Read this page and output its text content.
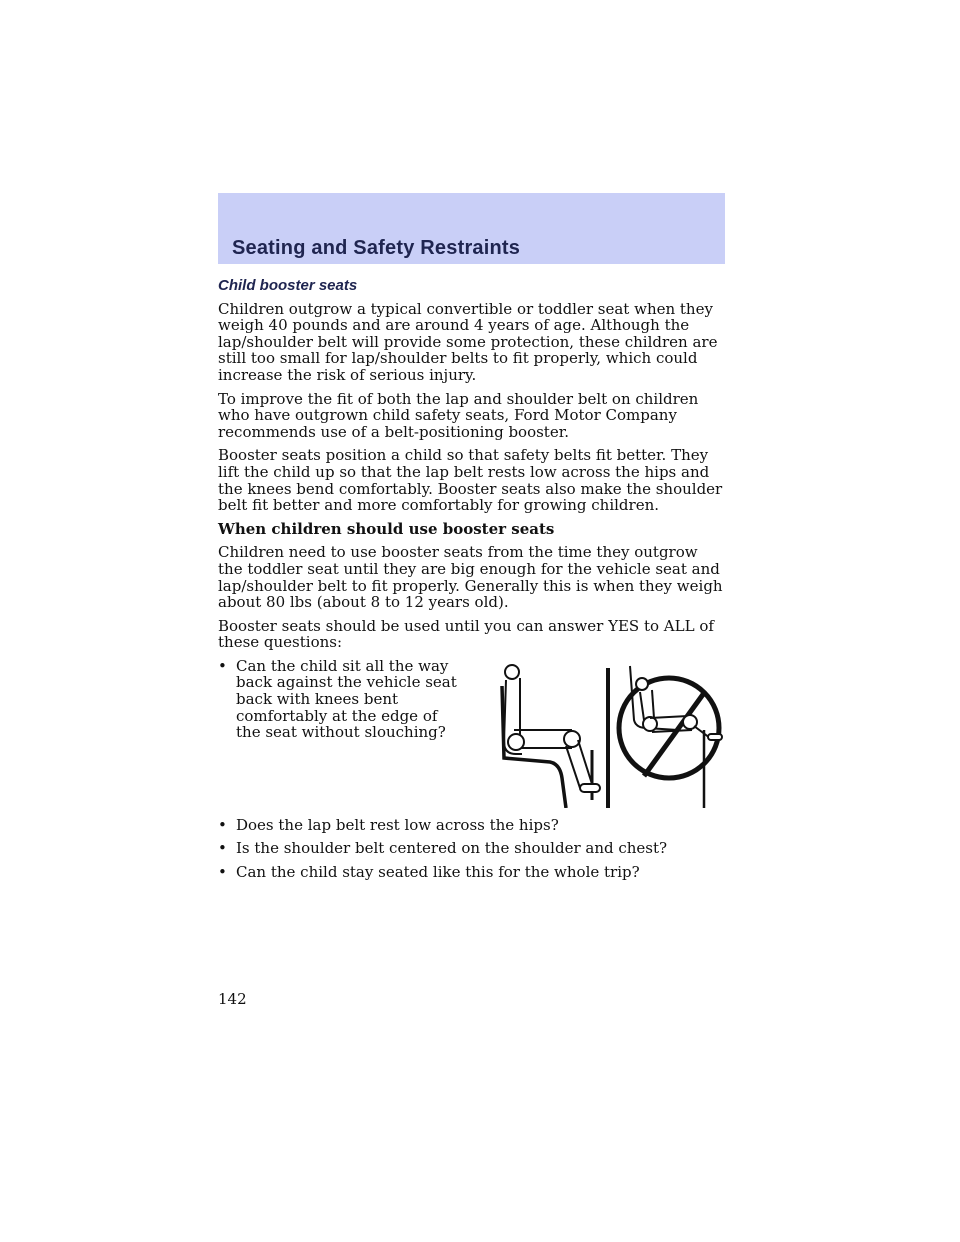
Seating and Safety Restraints
Child booster seats

Children outgrow a typical convertible or toddler seat when they weigh 40 pounds and are around 4 years of age. Although the lap/shoulder belt will provide some protection, these children are still too small for lap/shoulder belts to fit properly, which could increase the risk of serious injury.

To improve the fit of both the lap and shoulder belt on children who have outgrown child safety seats, Ford Motor Company recommends use of a belt-positioning booster.

Booster seats position a child so that safety belts fit better. They lift the child up so that the lap belt rests low across the hips and the knees bend comfortably. Booster seats also make the shoulder belt fit better and more comfortably for growing children.

When children should use booster seats

Children need to use booster seats from the time they outgrow the toddler seat until they are big enough for the vehicle seat and lap/shoulder belt to fit properly. Generally this is when they weigh about 80 lbs (about 8 to 12 years old).

Booster seats should be used until you can answer YES to ALL of these questions:

• Can the child sit all the way back against the vehicle seat back with knees bent comfortably at the edge of the seat without slouching?
• Does the lap belt rest low across the hips?
• Is the shoulder belt centered on the shoulder and chest?
• Can the child stay seated like this for the whole trip?
142
